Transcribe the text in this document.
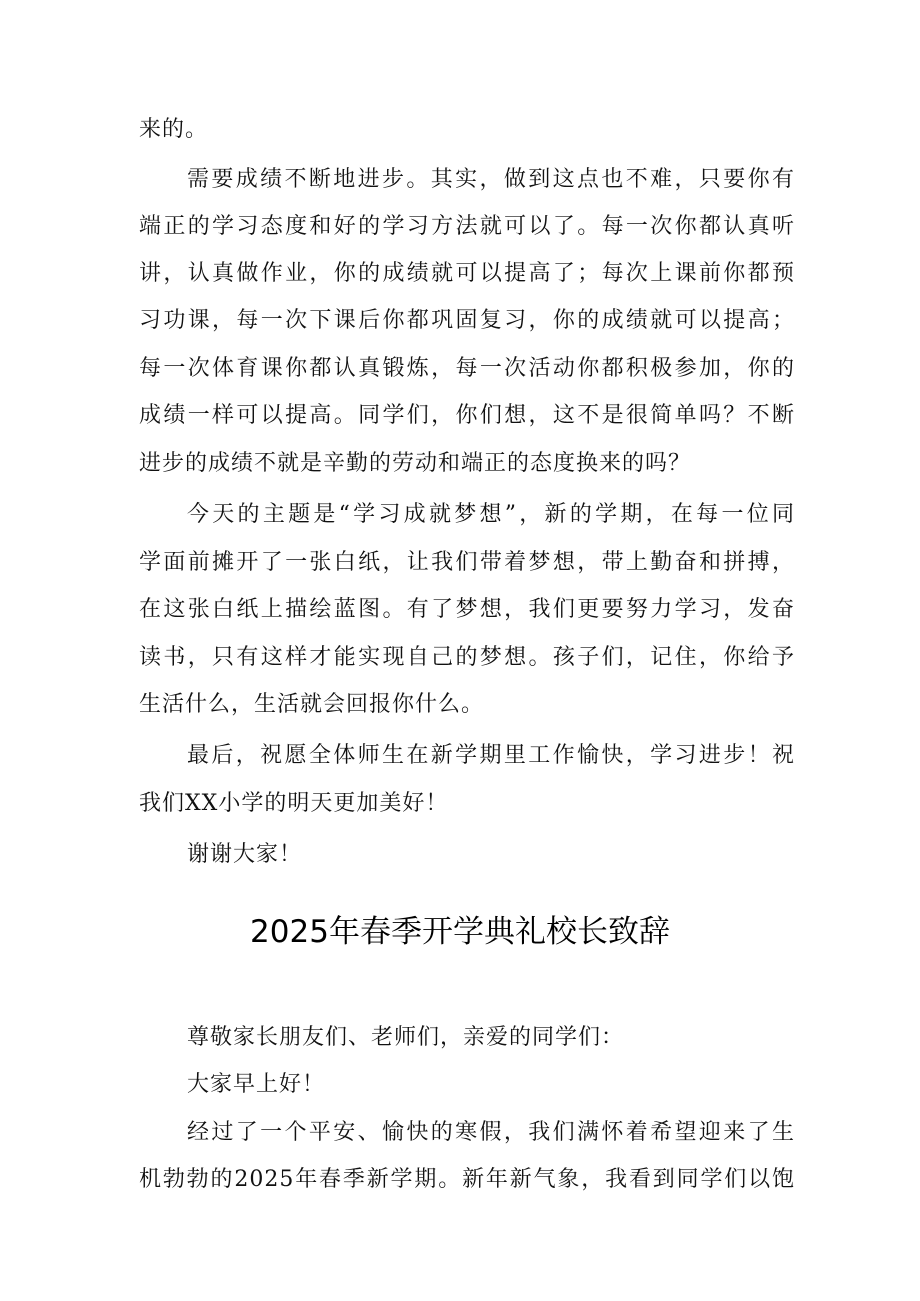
来的。
需要成绩不断地进步。其实，做到这点也不难，只要你有
端正的学习态度和好的学习方法就可以了。每一次你都认真听
讲，认真做作业，你的成绩就可以提高了；每次上课前你都预
习功课，每一次下课后你都巩固复习，你的成绩就可以提高；
每一次体育课你都认真锻炼，每一次活动你都积极参加，你的
成绩一样可以提高。同学们，你们想，这不是很简单吗？不断
进步的成绩不就是辛勤的劳动和端正的态度换来的吗？
今天的主题是“学习成就梦想”，新的学期，在每一位同
学面前摊开了一张白纸，让我们带着梦想，带上勤奋和拼搏，
在这张白纸上描绘蓝图。有了梦想，我们更要努力学习，发奋
读书，只有这样才能实现自己的梦想。孩子们，记住，你给予
生活什么，生活就会回报你什么。
最后，祝愿全体师生在新学期里工作愉快，学习进步！祝
我们XX小学的明天更加美好！
谢谢大家！
2025年春季开学典礼校长致辞
尊敬家长朋友们、老师们，亲爱的同学们：
大家早上好！
经过了一个平安、愉快的寒假，我们满怀着希望迎来了生
机勃勃的2025年春季新学期。新年新气象，我看到同学们以饱
